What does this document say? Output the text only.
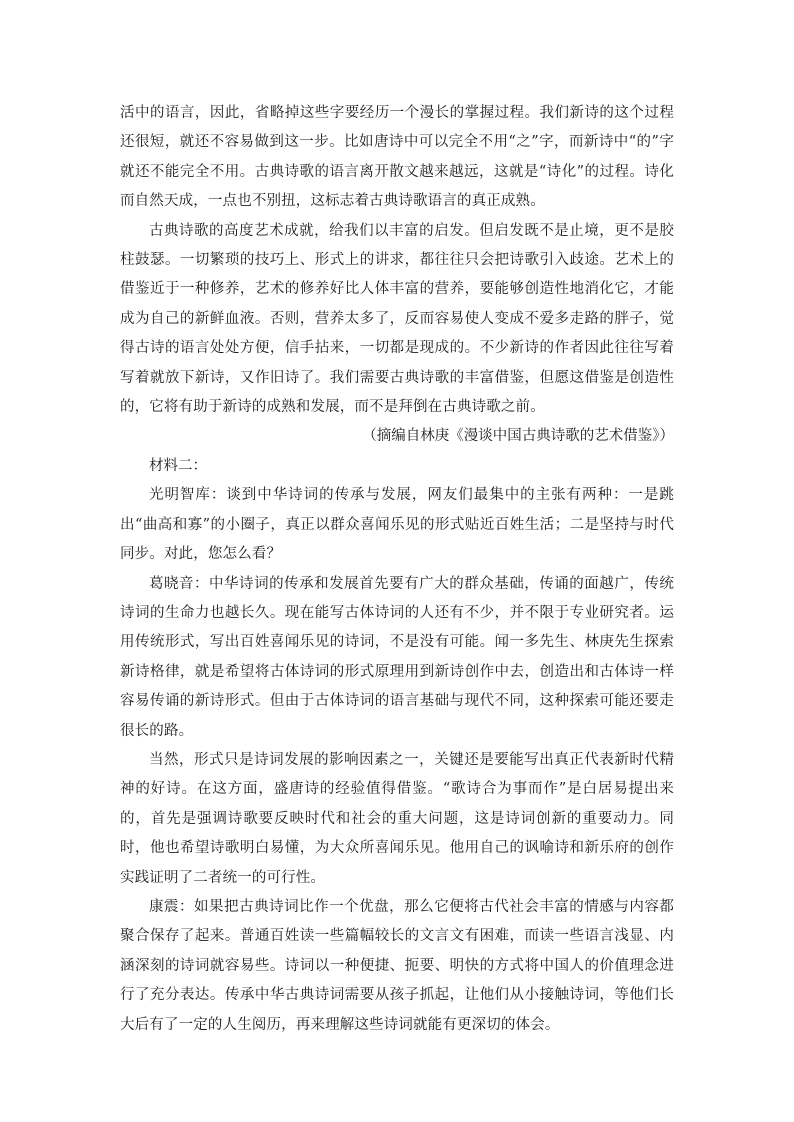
活中的语言，因此，省略掉这些字要经历一个漫长的掌握过程。我们新诗的这个过程还很短，就还不容易做到这一步。比如唐诗中可以完全不用“之”字，而新诗中“的”字就还不能完全不用。古典诗歌的语言离开散文越来越远，这就是“诗化”的过程。诗化而自然天成，一点也不别扭，这标志着古典诗歌语言的真正成熟。

古典诗歌的高度艺术成就，给我们以丰富的启发。但启发既不是止境，更不是胶柱鼓瑟。一切繁琐的技巧上、形式上的讲求，都往往只会把诗歌引入歧途。艺术上的借鉴近于一种修养，艺术的修养好比人体丰富的营养，要能够创造性地消化它，才能成为自己的新鲜血液。否则，营养太多了，反而容易使人变成不爱多走路的胖子，觉得古诗的语言处处方便，信手拈来，一切都是现成的。不少新诗的作者因此往往写着写着就放下新诗，又作旧诗了。我们需要古典诗歌的丰富借鉴，但愿这借鉴是创造性的，它将有助于新诗的成熟和发展，而不是拜倒在古典诗歌之前。

（摘编自林庚《漫谈中国古典诗歌的艺术借鉴》）

材料二：

光明智库：谈到中华诗词的传承与发展，网友们最集中的主张有两种：一是跳出“曲高和寡”的小圈子，真正以群众喜闻乐见的形式贴近百姓生活；二是坚持与时代同步。对此，您怎么看？

葛晓音：中华诗词的传承和发展首先要有广大的群众基础，传诵的面越广，传统诗词的生命力也越长久。现在能写古体诗词的人还有不少，并不限于专业研究者。运用传统形式，写出百姓喜闻乐见的诗词，不是没有可能。闻一多先生、林庚先生探索新诗格律，就是希望将古体诗词的形式原理用到新诗创作中去，创造出和古体诗一样容易传诵的新诗形式。但由于古体诗词的语言基础与现代不同，这种探索可能还要走很长的路。

当然，形式只是诗词发展的影响因素之一，关键还是要能写出真正代表新时代精神的好诗。在这方面，盛唐诗的经验值得借鉴。“歌诗合为事而作”是白居易提出来的，首先是强调诗歌要反映时代和社会的重大问题，这是诗词创新的重要动力。同时，他也希望诗歌明白易懂，为大众所喜闻乐见。他用自己的讽喻诗和新乐府的创作实践证明了二者统一的可行性。

康震：如果把古典诗词比作一个优盘，那么它便将古代社会丰富的情感与内容都聚合保存了起来。普通百姓读一些篇幅较长的文言文有困难，而读一些语言浅显、内涵深刻的诗词就容易些。诗词以一种便捷、扼要、明快的方式将中国人的价值理念进行了充分表达。传承中华古典诗词需要从孩子抓起，让他们从小接触诗词，等他们长大后有了一定的人生阅历，再来理解这些诗词就能有更深切的体会。
